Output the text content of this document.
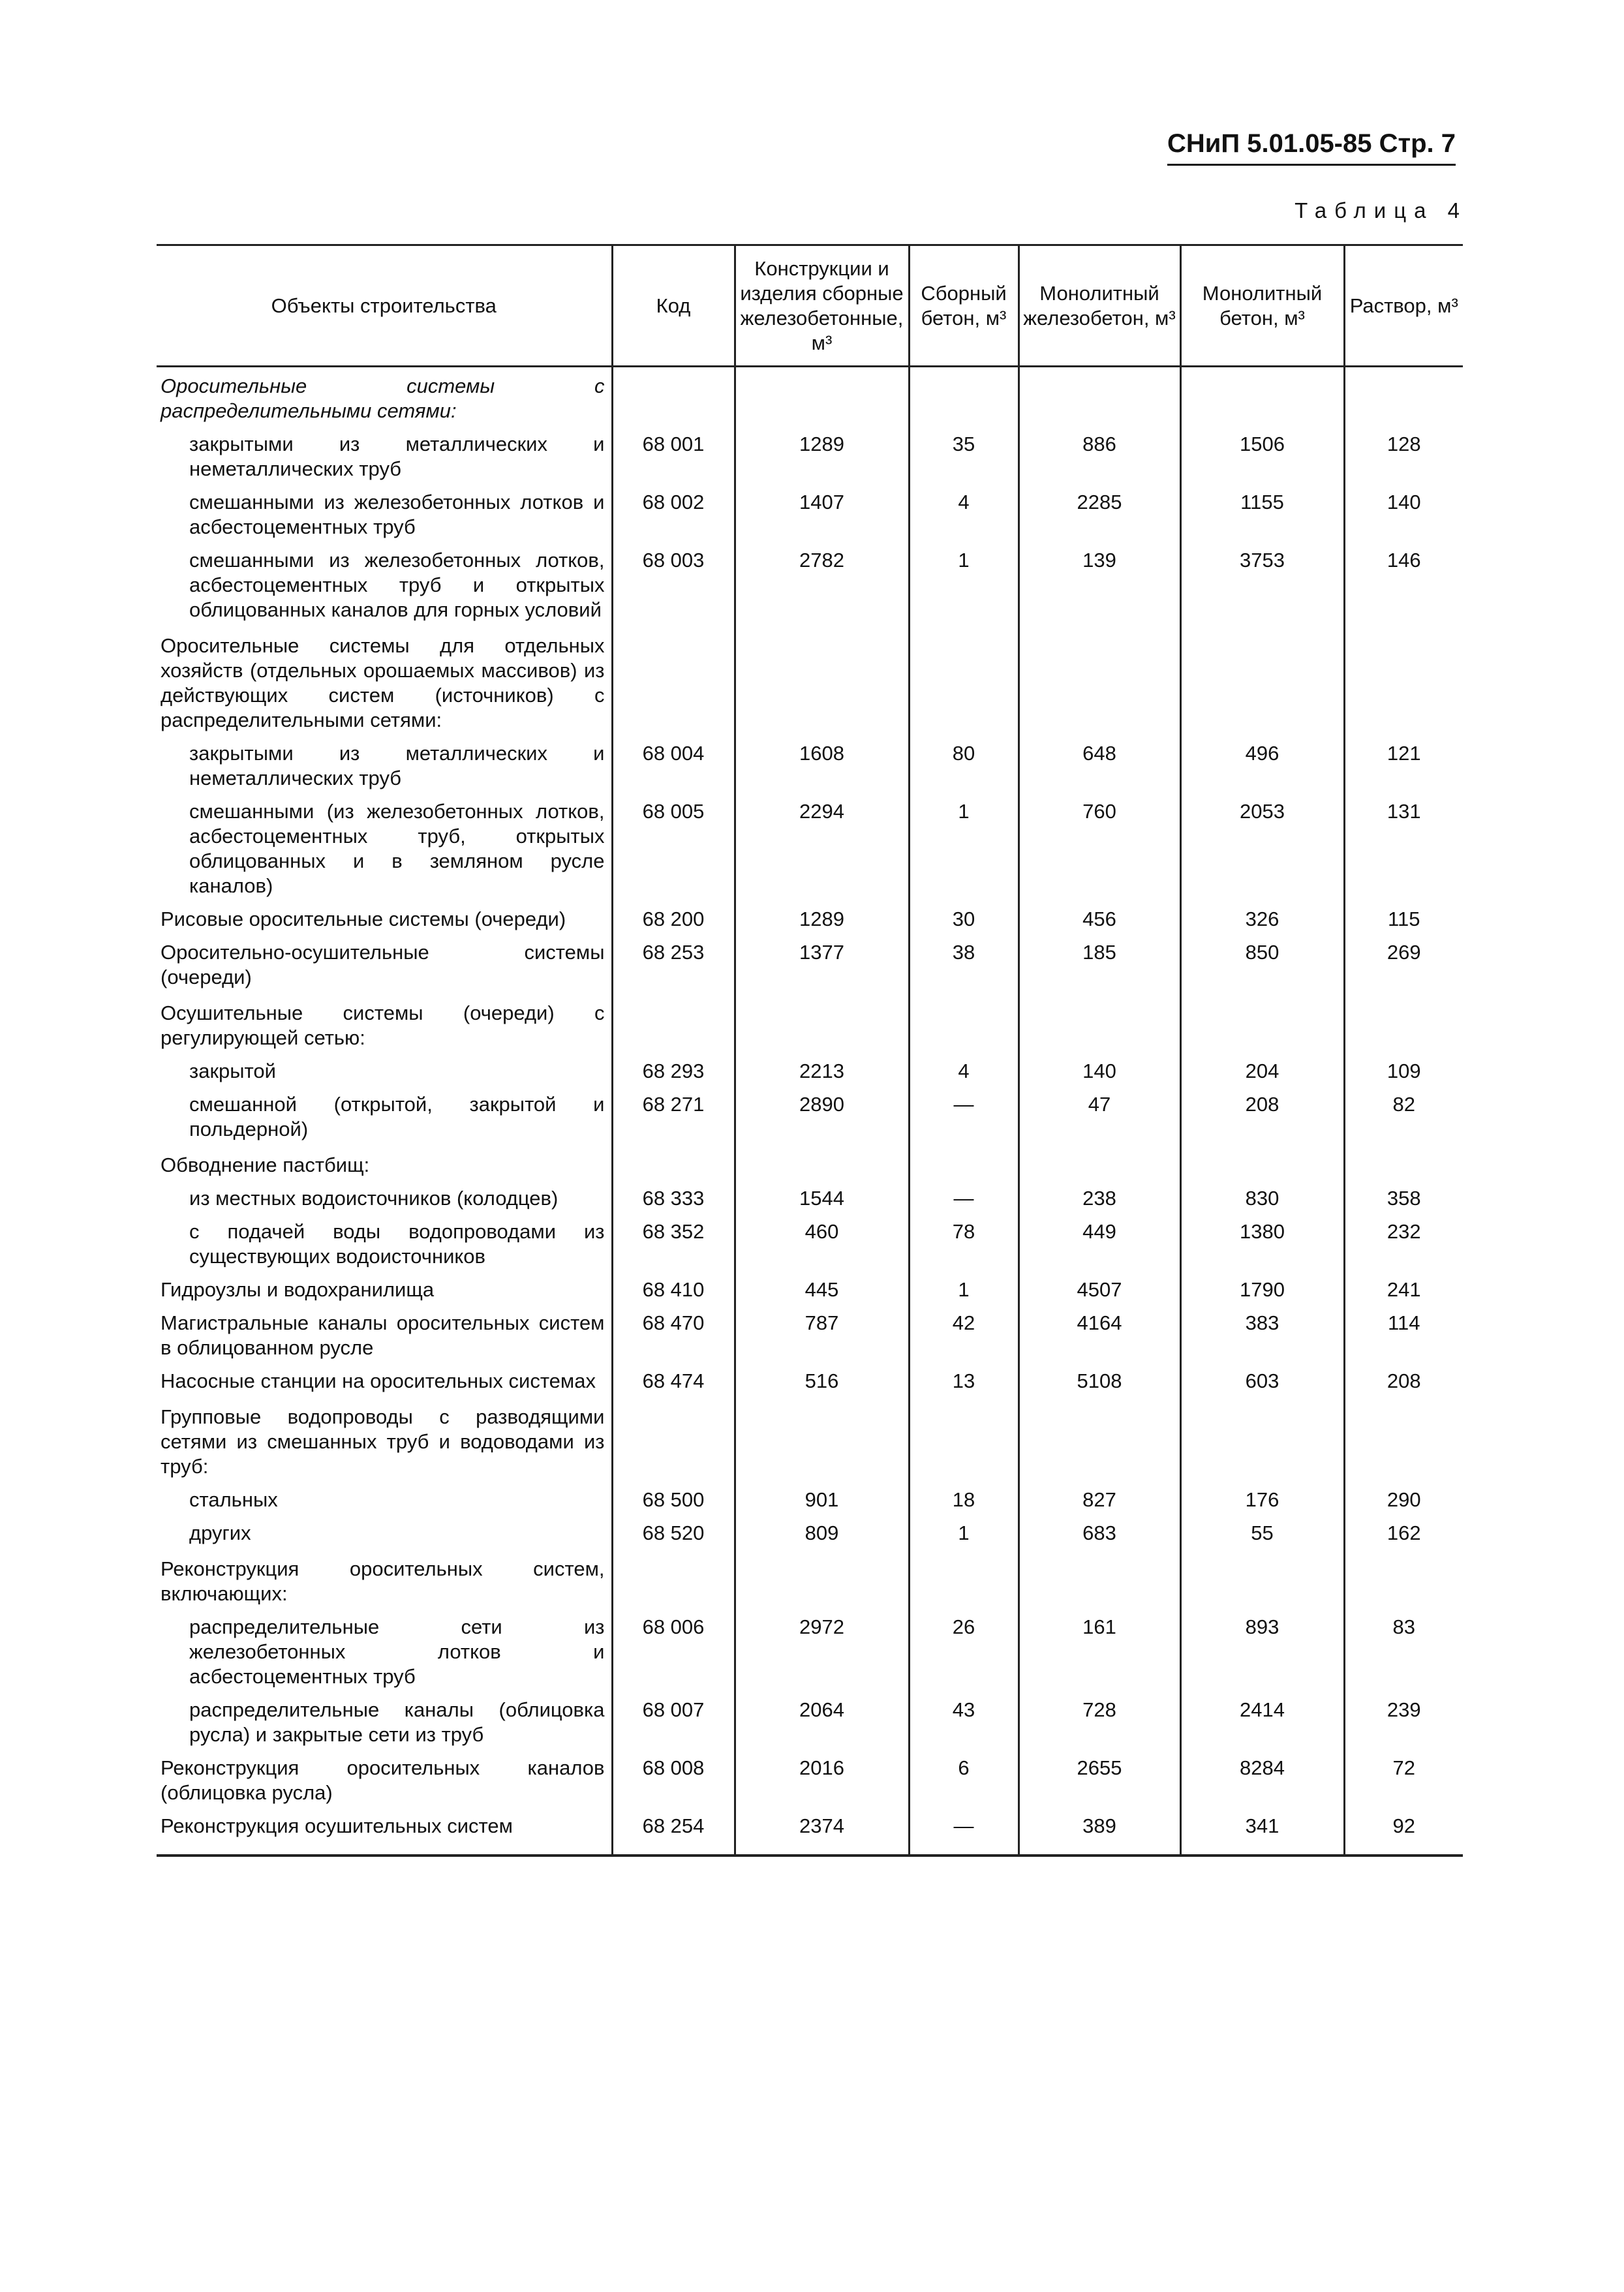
СНиП 5.01.05-85 Стр. 7
Таблица 4
Объекты строительства	Код	Конструкции и изделия сборные железобетонные, м³	Сборный бетон, м³	Монолитный железобетон, м³	Монолитный бетон, м³	Раствор, м³
Оросительные системы с распределительными сетями:						
закрытыми из металлических и неметаллических труб	68 001	1289	35	886	1506	128
смешанными из железобетонных лотков и асбестоцементных труб	68 002	1407	4	2285	1155	140
смешанными из железобетонных лотков, асбестоцементных труб и открытых облицованных каналов для горных условий	68 003	2782	1	139	3753	146
Оросительные системы для отдельных хозяйств (отдельных орошаемых массивов) из действующих систем (источников) с распределительными сетями:						
закрытыми из металлических и неметаллических труб	68 004	1608	80	648	496	121
смешанными (из железобетонных лотков, асбестоцементных труб, открытых облицованных и в земляном русле каналов)	68 005	2294	1	760	2053	131
Рисовые оросительные системы (очереди)	68 200	1289	30	456	326	115
Оросительно-осушительные системы (очереди)	68 253	1377	38	185	850	269
Осушительные системы (очереди) с регулирующей сетью:						
закрытой	68 293	2213	4	140	204	109
смешанной (открытой, закрытой и польдерной)	68 271	2890	—	47	208	82
Обводнение пастбищ:						
из местных водоисточников (колодцев)	68 333	1544	—	238	830	358
с подачей воды водопроводами из существующих водоисточников	68 352	460	78	449	1380	232
Гидроузлы и водохранилища	68 410	445	1	4507	1790	241
Магистральные каналы оросительных систем в облицованном русле	68 470	787	42	4164	383	114
Насосные станции на оросительных системах	68 474	516	13	5108	603	208
Групповые водопроводы с разводящими сетями из смешанных труб и водоводами из труб:						
стальных	68 500	901	18	827	176	290
других	68 520	809	1	683	55	162
Реконструкция оросительных систем, включающих:						
распределительные сети из железобетонных лотков и асбестоцементных труб	68 006	2972	26	161	893	83
распределительные каналы (облицовка русла) и закрытые сети из труб	68 007	2064	43	728	2414	239
Реконструкция оросительных каналов (облицовка русла)	68 008	2016	6	2655	8284	72
Реконструкция осушительных систем	68 254	2374	—	389	341	92
